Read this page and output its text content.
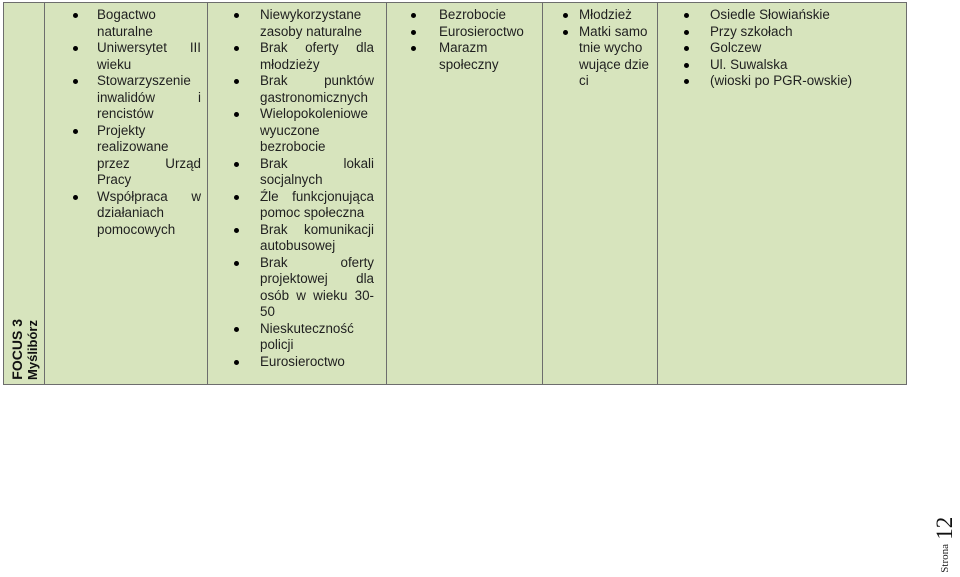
FOCUS 3 Myślibórz

Bogactwo naturalne
Uniwersytet III wieku
Stowarzyszenie inwalidów i rencistów
Projekty realizowane przez Urząd Pracy
Współpraca w działaniach pomocowych

Niewykorzystane zasoby naturalne
Brak oferty dla młodzieży
Brak punktów gastronomicznych
Wielopokoleniowe wyuczone bezrobocie
Brak lokali socjalnych
Źle funkcjonująca pomoc społeczna
Brak komunikacji autobusowej
Brak oferty projektowej dla osób w wieku 30-50
Nieskuteczność policji
Eurosieroctwo

Bezrobocie
Eurosieroctwo
Marazm społeczny

Młodzież
Matki samotnie wychowujące dzieci

Osiedle Słowiańskie
Przy szkołach
Golczew
Ul. Suwalska
(wioski po PGR-owskie)
Strona
12
